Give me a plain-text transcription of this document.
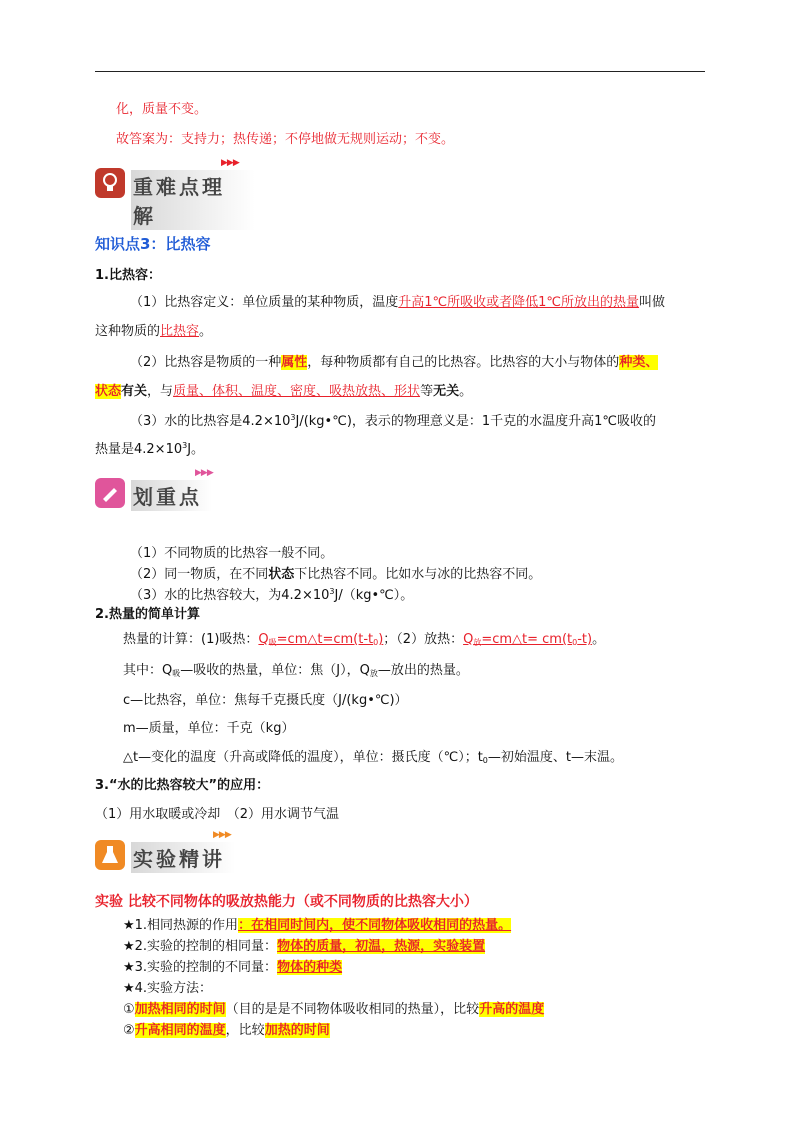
化，质量不变。
故答案为：支持力；热传递；不停地做无规则运动；不变。
▶▶▶
重难点理解
知识点3：比热容
1.比热容：
（1）比热容定义：单位质量的某种物质，温度升高1℃所吸收或者降低1℃所放出的热量叫做
这种物质的比热容。
（2）比热容是物质的一种属性，每种物质都有自己的比热容。比热容的大小与物体的种类、
状态有关，与质量、体积、温度、密度、吸热放热、形状等无关。
（3）水的比热容是$4.2\times 10^3J/(kg•℃)$，表示的物理意义是：1千克的水温度升高1℃吸收的
热量是$4.2\times 10^3J$。
▶▶▶
划重点
（1）不同物质的比热容一般不同。
（2）同一物质，在不同状态下比热容不同。比如水与冰的比热容不同。
（3）水的比热容较大，为$4.2\times 10^3J/(kg•℃)$。
2.热量的简单计算
热量的计算：(1)吸热：$Q_吸=cm\triangle t=cm(t-t_0)$；（2）放热：$Q_放=cm\triangle t= cm(t_0-t)$。
其中：$Q_吸—$吸收的热量，单位：焦（J），$Q_放—$放出的热量。
c—比热容，单位：焦每千克摄氏度（J/(kg•℃)）
m—质量，单位：千克（kg）
△t—变化的温度（升高或降低的温度），单位：摄氏度（℃）；$t_0—$初始温度、t—末温。
3.“水的比热容较大”的应用：
（1）用水取暖或冷却　（2）用水调节气温
▶▶▶
实验精讲
实验 比较不同物体的吸放热能力（或不同物质的比热容大小）
★1.相同热源的作用：在相同时间内，使不同物体吸收相同的热量。
★2.实验的控制的相同量：物体的质量，初温，热源，实验装置
★3.实验的控制的不同量：物体的种类
★4.实验方法：
①加热相同的时间（目的是是不同物体吸收相同的热量），比较升高的温度
②升高相同的温度，比较加热的时间
